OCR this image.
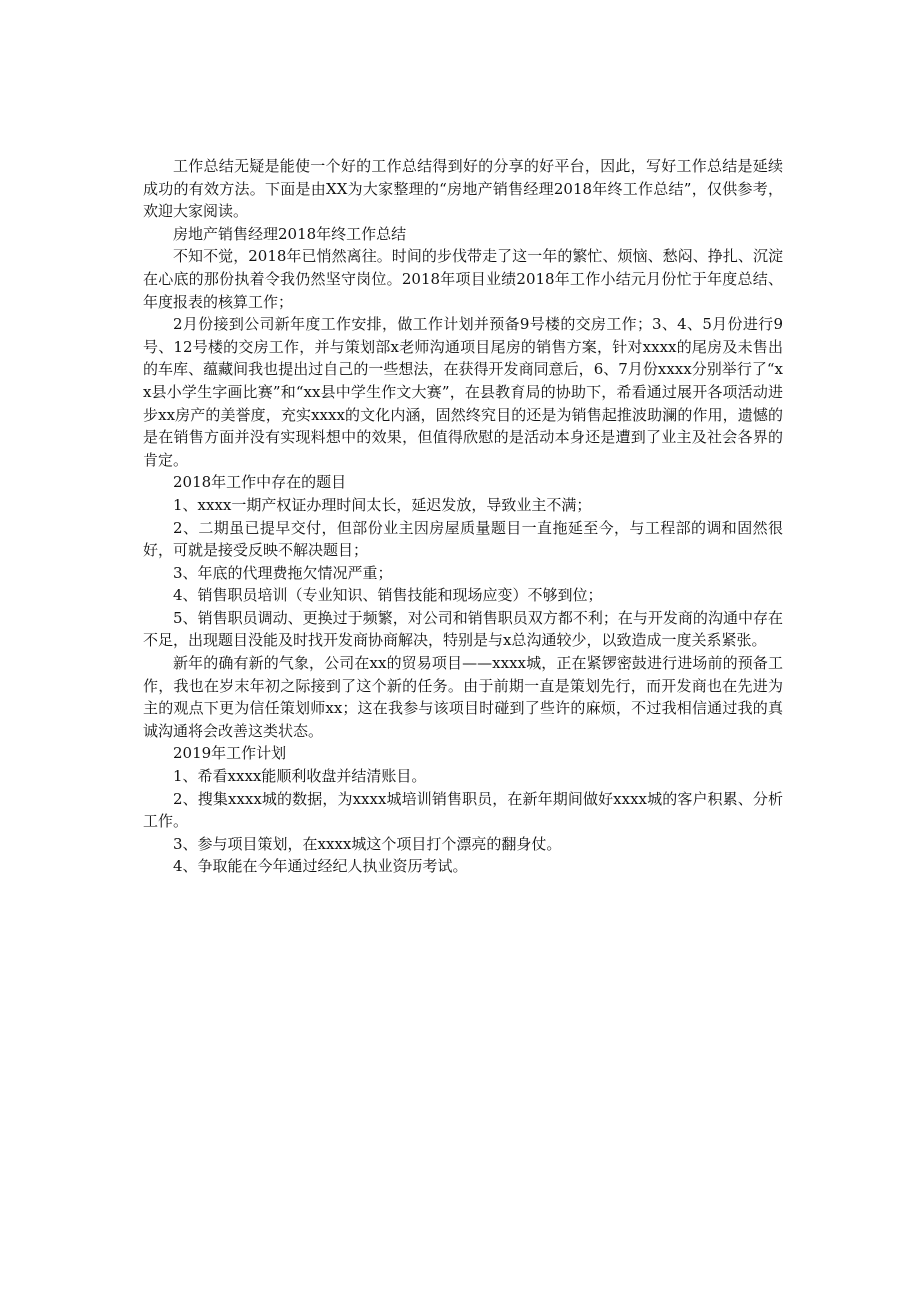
工作总结无疑是能使一个好的工作总结得到好的分享的好平台，因此，写好工作总结是延续成功的有效方法。下面是由XX为大家整理的“房地产销售经理2018年终工作总结”，仅供参考，欢迎大家阅读。

房地产销售经理2018年终工作总结

不知不觉，2018年已悄然离往。时间的步伐带走了这一年的繁忙、烦恼、愁闷、挣扎、沉淀在心底的那份执着令我仍然坚守岗位。2018年项目业绩2018年工作小结元月份忙于年度总结、年度报表的核算工作；

2月份接到公司新年度工作安排，做工作计划并预备9号楼的交房工作；3、4、5月份进行9号、12号楼的交房工作，并与策划部x老师沟通项目尾房的销售方案，针对xxxx的尾房及未售出的车库、蕴藏间我也提出过自己的一些想法，在获得开发商同意后，6、7月份xxxx分别举行了“xx县小学生字画比赛”和“xx县中学生作文大赛”，在县教育局的协助下，希看通过展开各项活动进步xx房产的美誉度，充实xxxx的文化内涵，固然终究目的还是为销售起推波助澜的作用，遗憾的是在销售方面并没有实现料想中的效果，但值得欣慰的是活动本身还是遭到了业主及社会各界的肯定。

2018年工作中存在的题目

1、xxxx一期产权证办理时间太长，延迟发放，导致业主不满；

2、二期虽已提早交付，但部份业主因房屋质量题目一直拖延至今，与工程部的调和固然很好，可就是接受反映不解决题目；

3、年底的代理费拖欠情况严重；

4、销售职员培训（专业知识、销售技能和现场应变）不够到位；

5、销售职员调动、更换过于频繁，对公司和销售职员双方都不利；在与开发商的沟通中存在不足，出现题目没能及时找开发商协商解决，特别是与x总沟通较少，以致造成一度关系紧张。

新年的确有新的气象，公司在xx的贸易项目——xxxx城，正在紧锣密鼓进行进场前的预备工作，我也在岁末年初之际接到了这个新的任务。由于前期一直是策划先行，而开发商也在先进为主的观点下更为信任策划师xx；这在我参与该项目时碰到了些许的麻烦，不过我相信通过我的真诚沟通将会改善这类状态。

2019年工作计划

1、希看xxxx能顺利收盘并结清账目。

2、搜集xxxx城的数据，为xxxx城培训销售职员，在新年期间做好xxxx城的客户积累、分析工作。

3、参与项目策划，在xxxx城这个项目打个漂亮的翻身仗。

4、争取能在今年通过经纪人执业资历考试。
